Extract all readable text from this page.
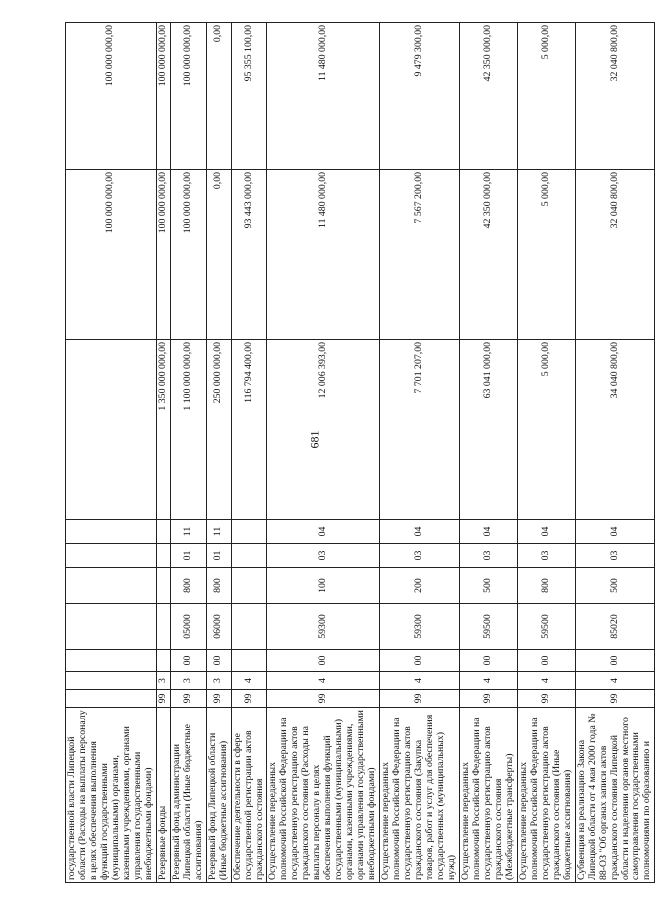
681
государственной власти Липецкой области (Расходы на выплаты персоналу в целях обеспечения выполнения функций государственными (муниципальными) органами, казенными учреждениями, органами управления государственными внебюджетными фондами)									100 000 000,00	100 000 000,00
Резервные фонды	99	3						1 350 000 000,00	100 000 000,00	100 000 000,00
Резервный фонд администрации Липецкой области (Иные бюджетные ассигнования)	99	3	00	05000	800	01	11	1 100 000 000,00	100 000 000,00	100 000 000,00
Резервный фонд Липецкой области (Иные бюджетные ассигнования)	99	3	00	06000	800	01	11	250 000 000,00	0,00	0,00
Обеспечение деятельности в сфере государственной регистрации актов гражданского состояния	99	4						116 794 400,00	93 443 000,00	95 355 100,00
Осуществление переданных полномочий Российской Федерации на государственную регистрацию актов гражданского состояния (Расходы на выплаты персоналу в целях обеспечения выполнения функций государственными (муниципальными) органами, казенными учреждениями, органами управления государственными внебюджетными фондами)	99	4	00	59300	100	03	04	12 006 393,00	11 480 000,00	11 480 000,00
Осуществление переданных полномочий Российской Федерации на государственную регистрацию актов гражданского состояния (Закупка товаров, работ и услуг для обеспечения государственных (муниципальных) нужд)	99	4	00	59300	200	03	04	7 701 207,00	7 567 200,00	9 479 300,00
Осуществление переданных полномочий Российской Федерации на государственную регистрацию актов гражданского состояния (Межбюджетные трансферты)	99	4	00	59500	500	03	04	63 041 000,00	42 350 000,00	42 350 000,00
Осуществление переданных полномочий Российской Федерации на государственную регистрацию актов гражданского состояния (Иные бюджетные ассигнования)	99	4	00	59500	800	03	04	5 000,00	5 000,00	5 000,00
Субвенция на реализацию Закона Липецкой области от 4 мая 2000 года № 88-ОЗ "Об органах записи актов гражданского состояния Липецкой области и наделении органов местного самоуправления государственными полномочиями по образованию и	99	4	00	85020	500	03	04	34 040 800,00	32 040 800,00	32 040 800,00
